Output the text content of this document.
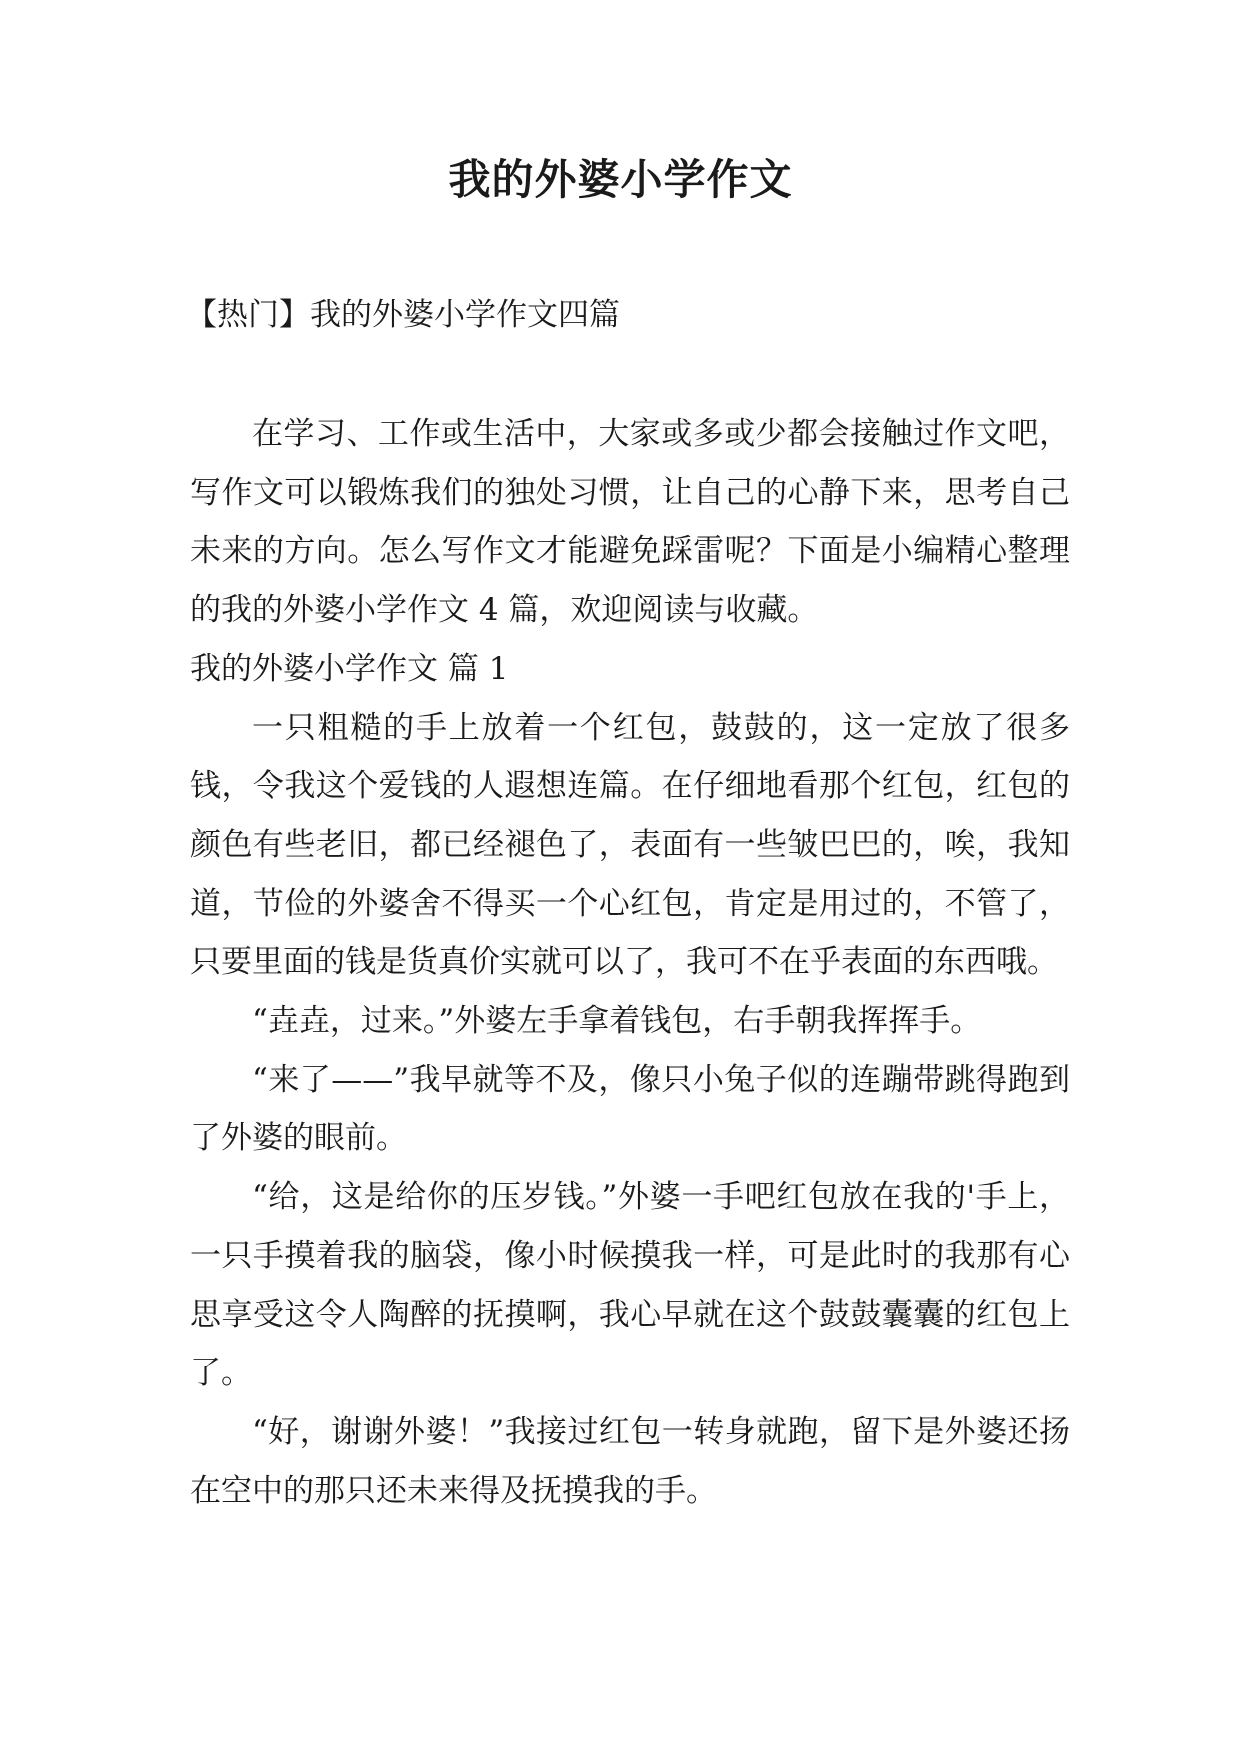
我的外婆小学作文

【热门】我的外婆小学作文四篇

在学习、工作或生活中，大家或多或少都会接触过作文吧，写作文可以锻炼我们的独处习惯，让自己的心静下来，思考自己未来的方向。怎么写作文才能避免踩雷呢？下面是小编精心整理的我的外婆小学作文 4 篇，欢迎阅读与收藏。

我的外婆小学作文 篇 1

一只粗糙的手上放着一个红包，鼓鼓的，这一定放了很多钱，令我这个爱钱的人遐想连篇。在仔细地看那个红包，红包的颜色有些老旧，都已经褪色了，表面有一些皱巴巴的，唉，我知道，节俭的外婆舍不得买一个心红包，肯定是用过的，不管了，只要里面的钱是货真价实就可以了，我可不在乎表面的东西哦。

“垚垚，过来。”外婆左手拿着钱包，右手朝我挥挥手。

“来了——”我早就等不及，像只小兔子似的连蹦带跳得跑到了外婆的眼前。

“给，这是给你的压岁钱。”外婆一手吧红包放在我的'手上，一只手摸着我的脑袋，像小时候摸我一样，可是此时的我那有心思享受这令人陶醉的抚摸啊，我心早就在这个鼓鼓囊囊的红包上了。

“好，谢谢外婆！”我接过红包一转身就跑，留下是外婆还扬在空中的那只还未来得及抚摸我的手。
